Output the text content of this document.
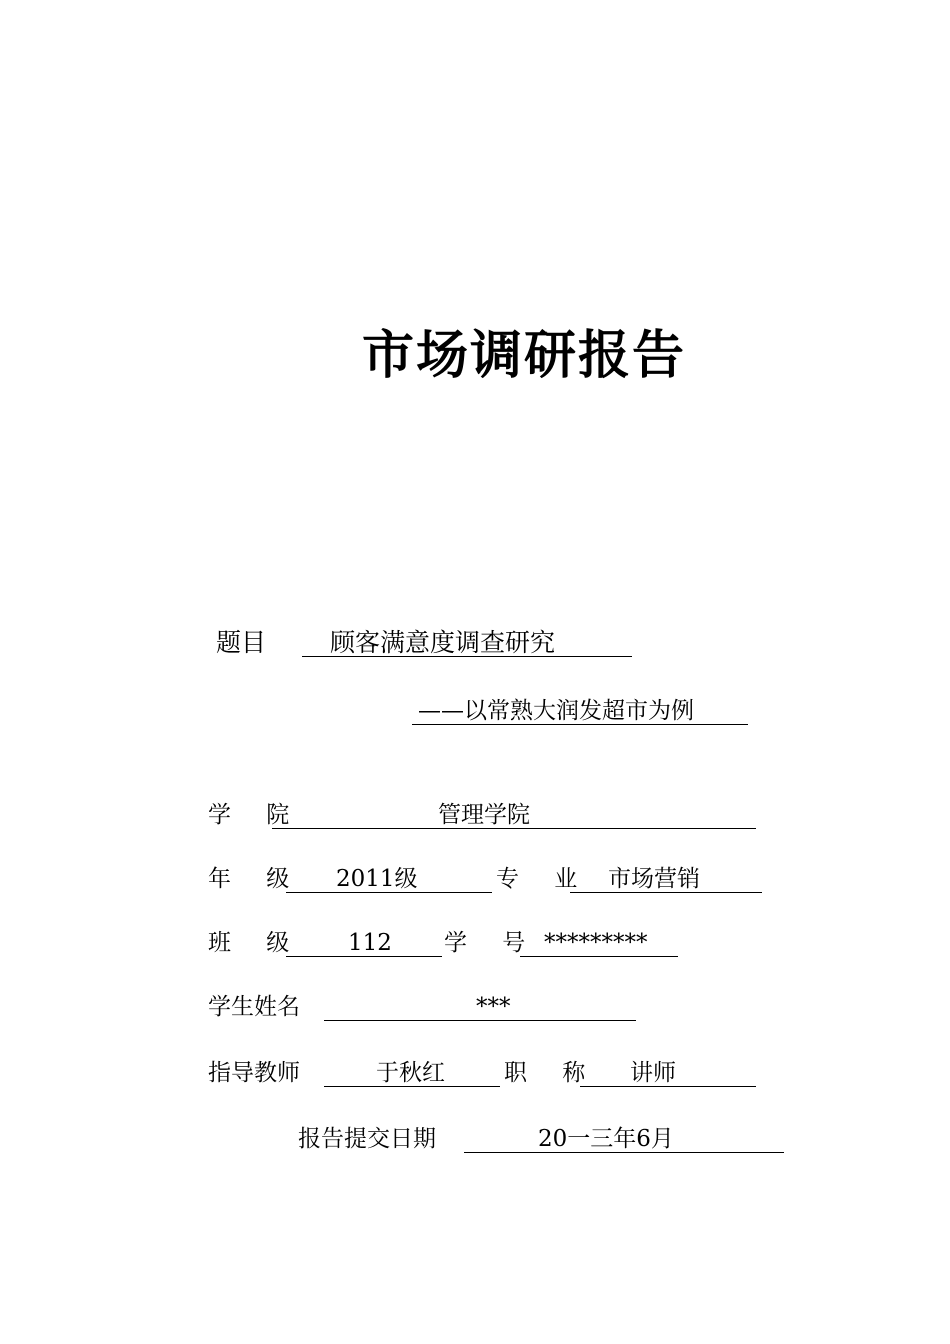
市场调研报告
题目	顾客满意度调查研究
——以常熟大润发超市为例
学 院	管理学院
年 级	2011级	专 业 市场营销
班 级	112	学 号 *********
学生姓名	***
指导教师	于秋红	职 称	讲师
报告提交日期	20一三年6月
